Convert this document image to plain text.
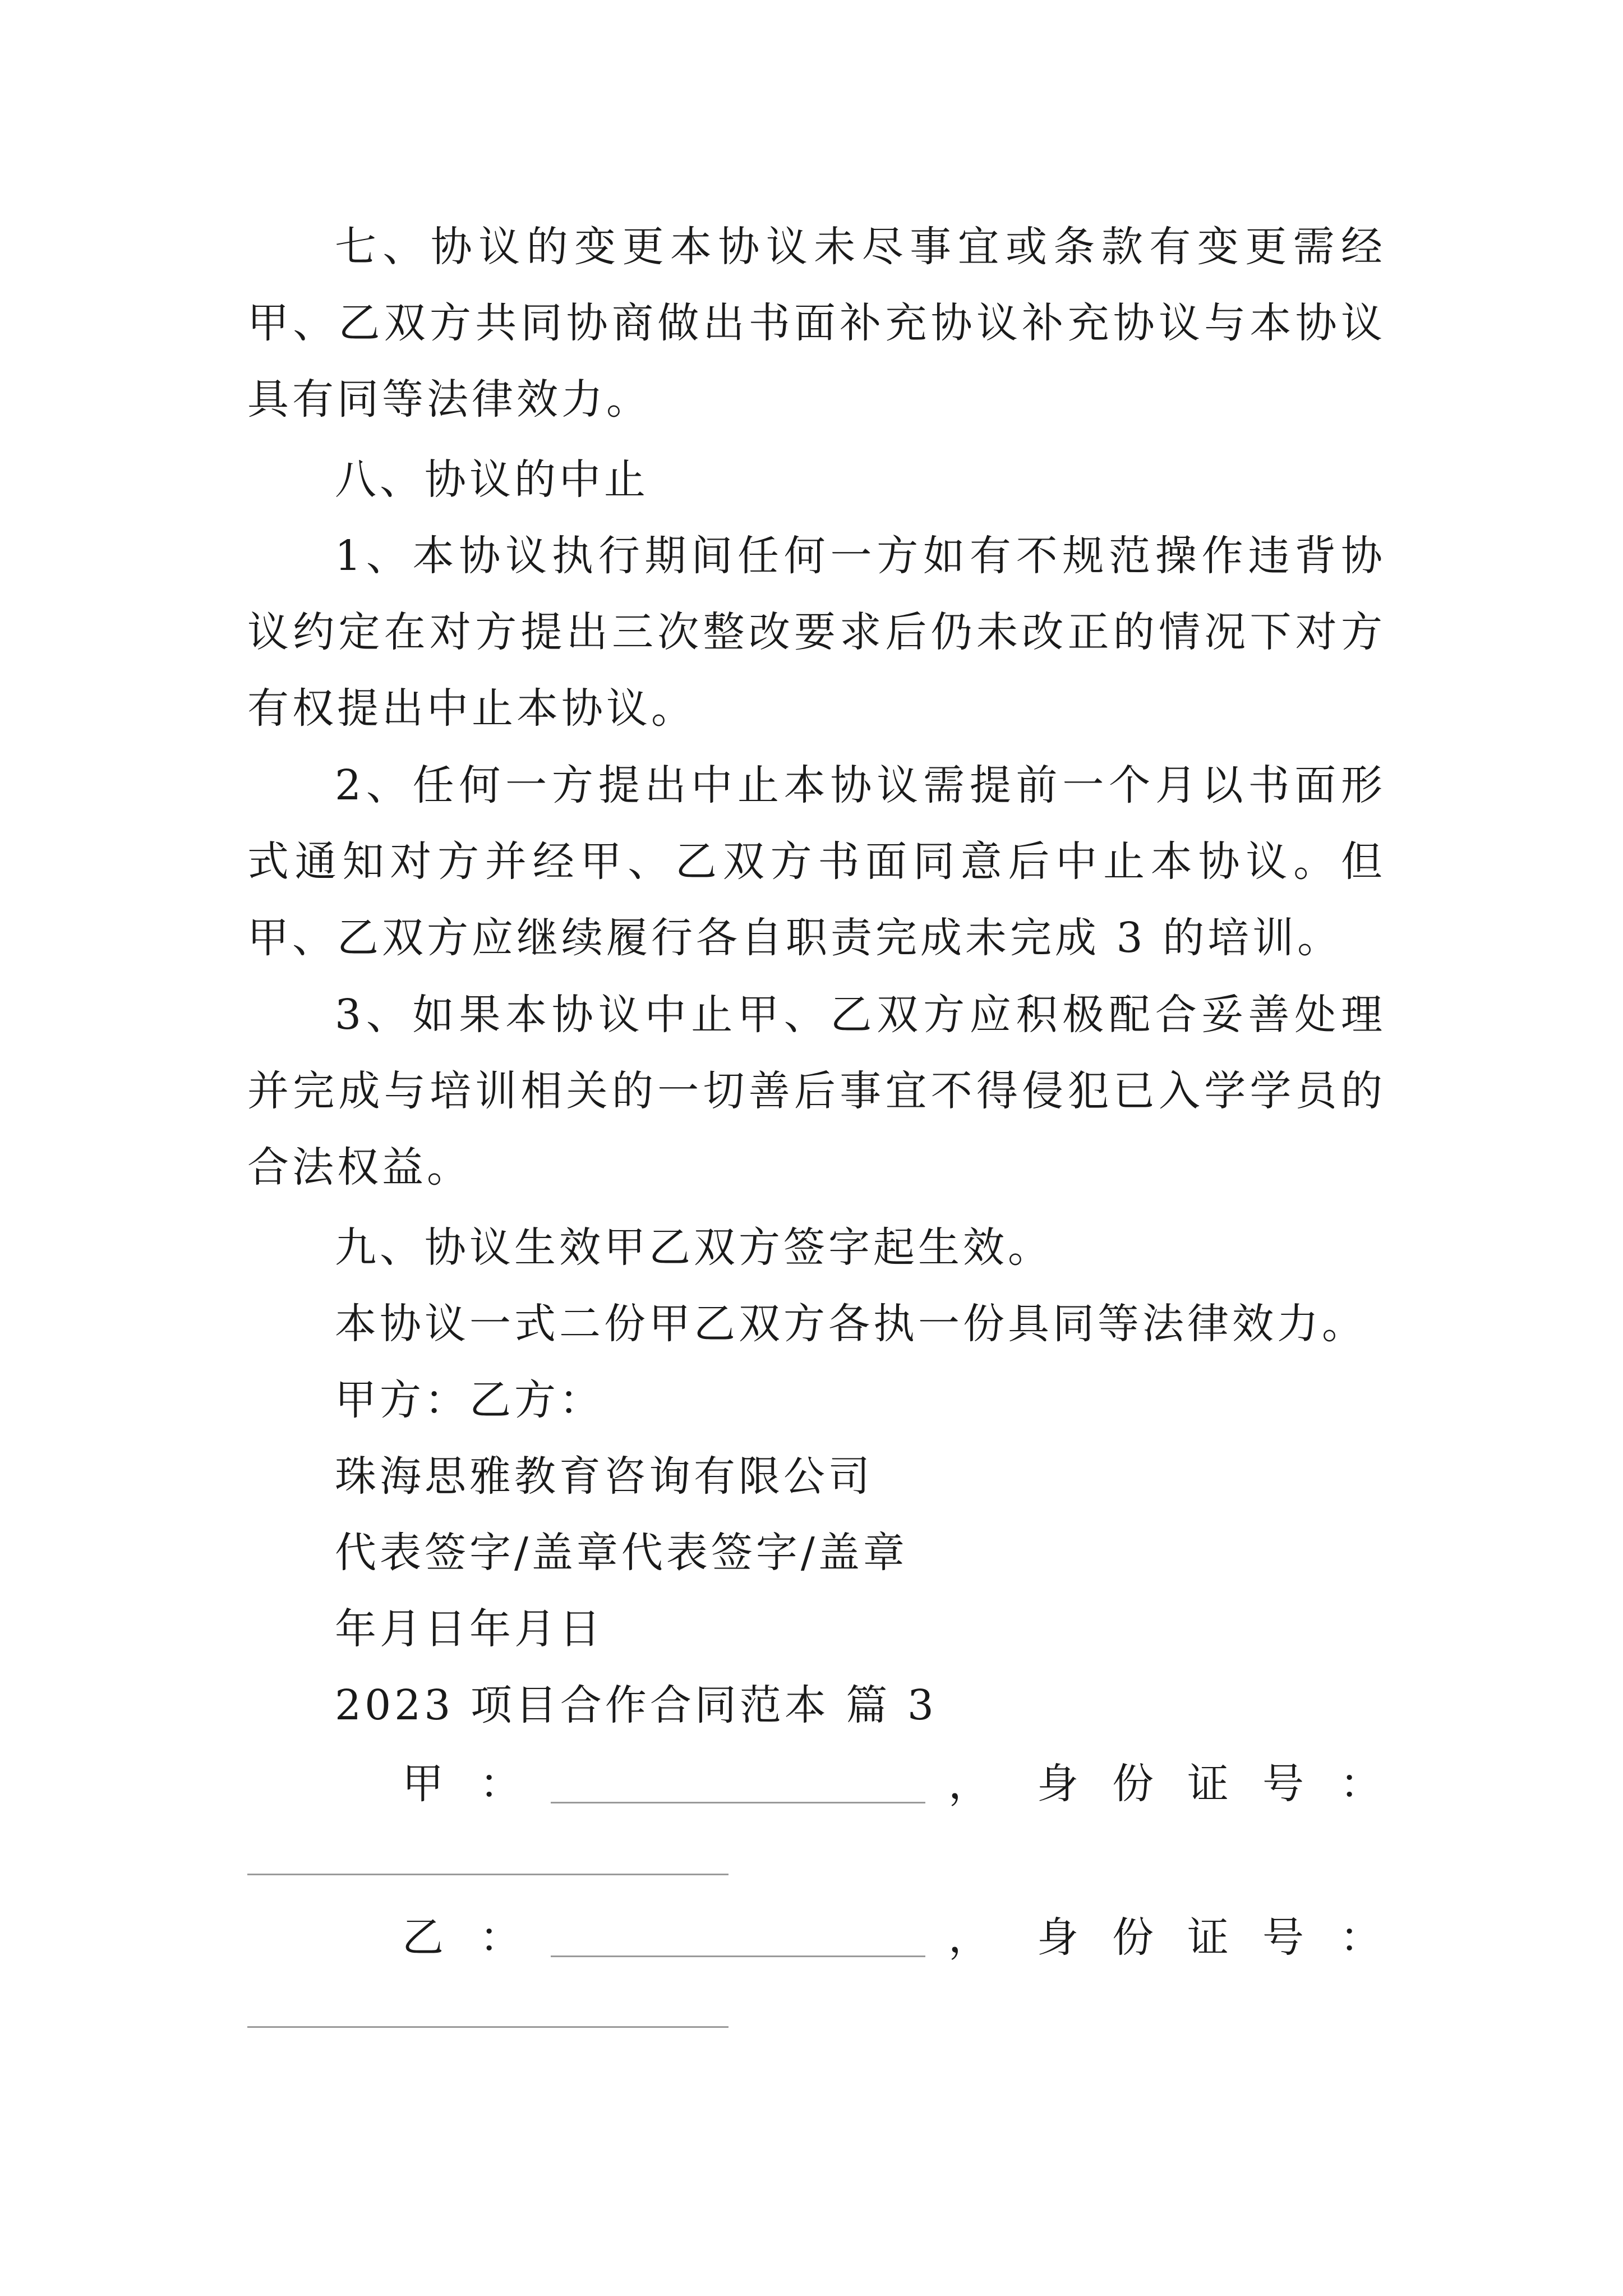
七、协议的变更本协议未尽事宜或条款有变更需经甲、乙双方共同协商做出书面补充协议补充协议与本协议具有同等法律效力。

八、协议的中止

1、本协议执行期间任何一方如有不规范操作违背协议约定在对方提出三次整改要求后仍未改正的情况下对方有权提出中止本协议。

2、任何一方提出中止本协议需提前一个月以书面形式通知对方并经甲、乙双方书面同意后中止本协议。但甲、乙双方应继续履行各自职责完成未完成 3 的培训。

3、如果本协议中止甲、乙双方应积极配合妥善处理并完成与培训相关的一切善后事宜不得侵犯已入学学员的合法权益。

九、协议生效甲乙双方签字起生效。
本协议一式二份甲乙双方各执一份具同等法律效力。
甲方：乙方：
珠海思雅教育咨询有限公司
代表签字/盖章代表签字/盖章
年月日年月日
2023 项目合作合同范本 篇 3
甲 ：	， 身 份 证 号 ：
乙 ：	， 身 份 证 号 ：
